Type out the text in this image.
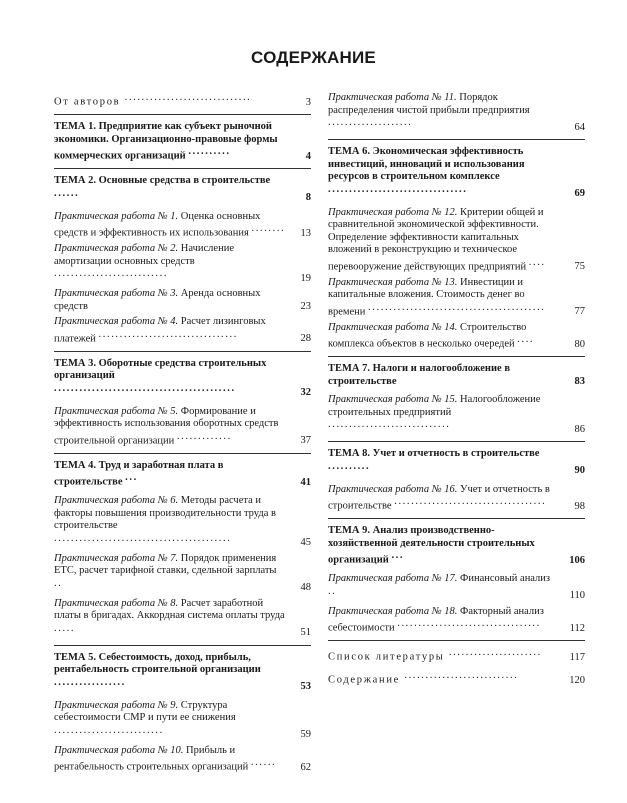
СОДЕРЖАНИЕ
От авторов ..............................	3
ТЕМА 1. Предприятие как субъект рыночной экономики. Организационно-правовые формы коммерческих организаций ..........	4
ТЕМА 2. Основные средства в строительстве ......	8
Практическая работа № 1. Оценка основных средств и эффективность их использования ........	13
Практическая работа № 2. Начисление амортизации основных средств ...........................	19
Практическая работа № 3. Аренда основных средств	23
Практическая работа № 4. Расчет лизинговых платежей .................................	28
ТЕМА 3. Оборотные средства строительных организаций ...........................................	32
Практическая работа № 5. Формирование и эффективность использования оборотных средств строительной организации .............	37
ТЕМА 4. Труд и заработная плата в строительстве ...	41
Практическая работа № 6. Методы расчета и факторы повышения производительности труда в строительстве ..........................................	45
Практическая работа № 7. Порядок применения ЕТС, расчет тарифной ставки, сдельной зарплаты ..	48
Практическая работа № 8. Расчет заработной платы в бригадах. Аккордная система оплаты труда .....	51
ТЕМА 5. Себестоимость, доход, прибыль, рентабельность строительной организации .................	53
Практическая работа № 9. Структура себестоимости СМР и пути ее снижения ..........................	59
Практическая работа № 10. Прибыль и рентабельность строительных организаций ......	62
Практическая работа № 11. Порядок распределения чистой прибыли предприятия ....................	64
ТЕМА 6. Экономическая эффективность инвестиций, инноваций и использования ресурсов в строительном комплексе .................................	69
Практическая работа № 12. Критерии общей и сравнительной экономической эффективности. Определение эффективности капитальных вложений в реконструкцию и техническое перевооружение действующих предприятий ....	75
Практическая работа № 13. Инвестиции и капитальные вложения. Стоимость денег во времени ..........................................	77
Практическая работа № 14. Строительство комплекса объектов в несколько очередей ....	80
ТЕМА 7. Налоги и налогообложение в строительстве	83
Практическая работа № 15. Налогообложение строительных предприятий .............................	86
ТЕМА 8. Учет и отчетность в строительстве ..........	90
Практическая работа № 16. Учет и отчетность в строительстве ....................................	98
ТЕМА 9. Анализ производственно-хозяйственной деятельности строительных организаций ...	106
Практическая работа № 17. Финансовый анализ ..	110
Практическая работа № 18. Факторный анализ себестоимости ..................................	112
Список литературы ......................	117
Содержание ...........................	120
